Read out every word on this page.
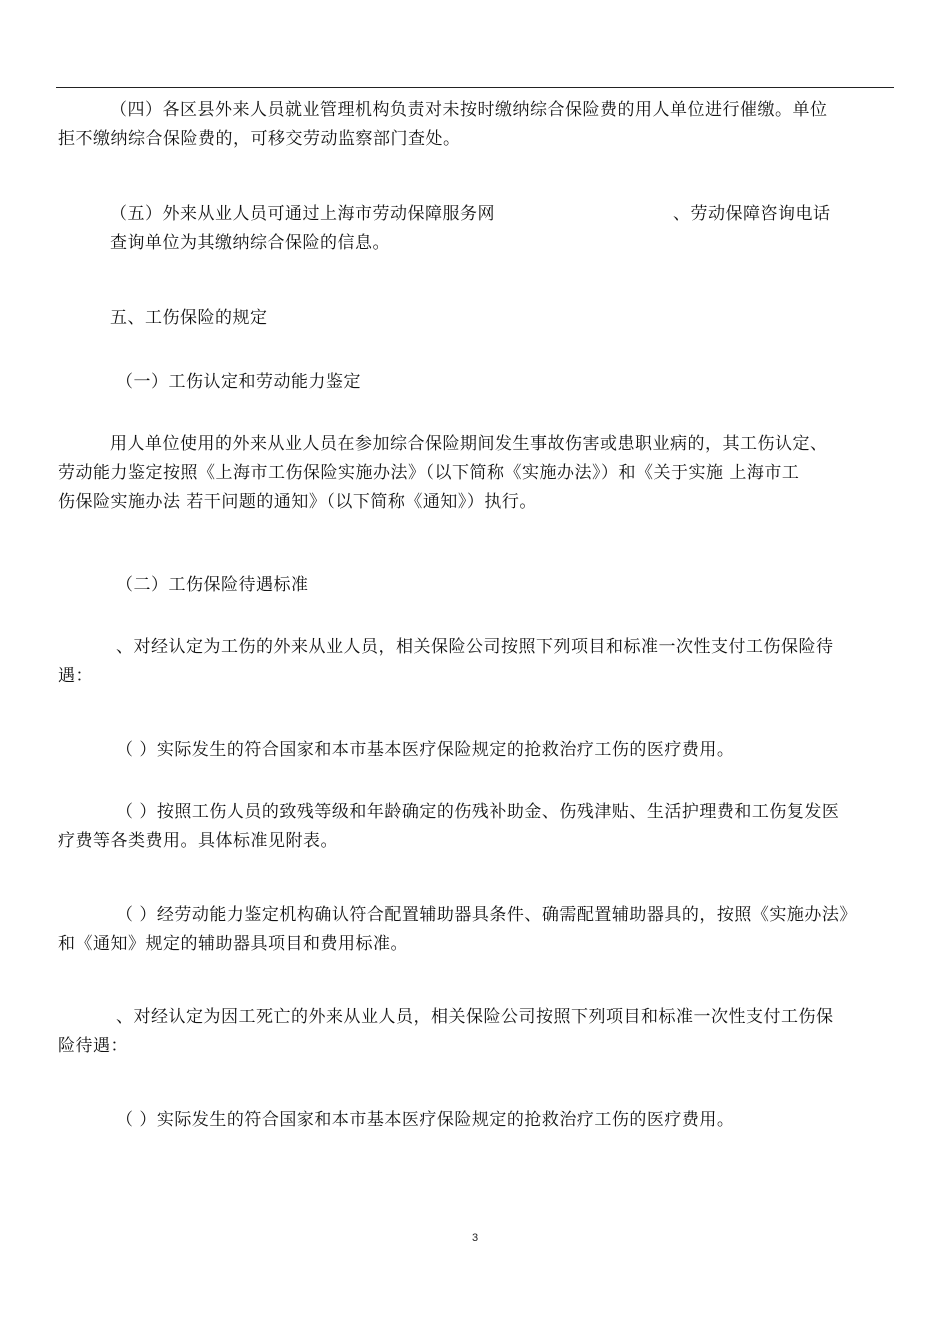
（四）各区县外来人员就业管理机构负责对未按时缴纳综合保险费的用人单位进行催缴。单位
拒不缴纳综合保险费的，可移交劳动监察部门查处。
（五）外来从业人员可通过上海市劳动保障服务网	、劳动保障咨询电话
查询单位为其缴纳综合保险的信息。
五、工伤保险的规定
（一）工伤认定和劳动能力鉴定
用人单位使用的外来从业人员在参加综合保险期间发生事故伤害或患职业病的，其工伤认定、
劳动能力鉴定按照《上海市工伤保险实施办法》（以下简称《实施办法》）和《关于实施 上海市工
伤保险实施办法 若干问题的通知》（以下简称《通知》）执行。
（二）工伤保险待遇标准
、对经认定为工伤的外来从业人员，相关保险公司按照下列项目和标准一次性支付工伤保险待
遇：
（ ）实际发生的符合国家和本市基本医疗保险规定的抢救治疗工伤的医疗费用。
（ ）按照工伤人员的致残等级和年龄确定的伤残补助金、伤残津贴、生活护理费和工伤复发医
疗费等各类费用。具体标准见附表。
（ ）经劳动能力鉴定机构确认符合配置辅助器具条件、确需配置辅助器具的，按照《实施办法》
和《通知》规定的辅助器具项目和费用标准。
、对经认定为因工死亡的外来从业人员，相关保险公司按照下列项目和标准一次性支付工伤保
险待遇：
（ ）实际发生的符合国家和本市基本医疗保险规定的抢救治疗工伤的医疗费用。
3
